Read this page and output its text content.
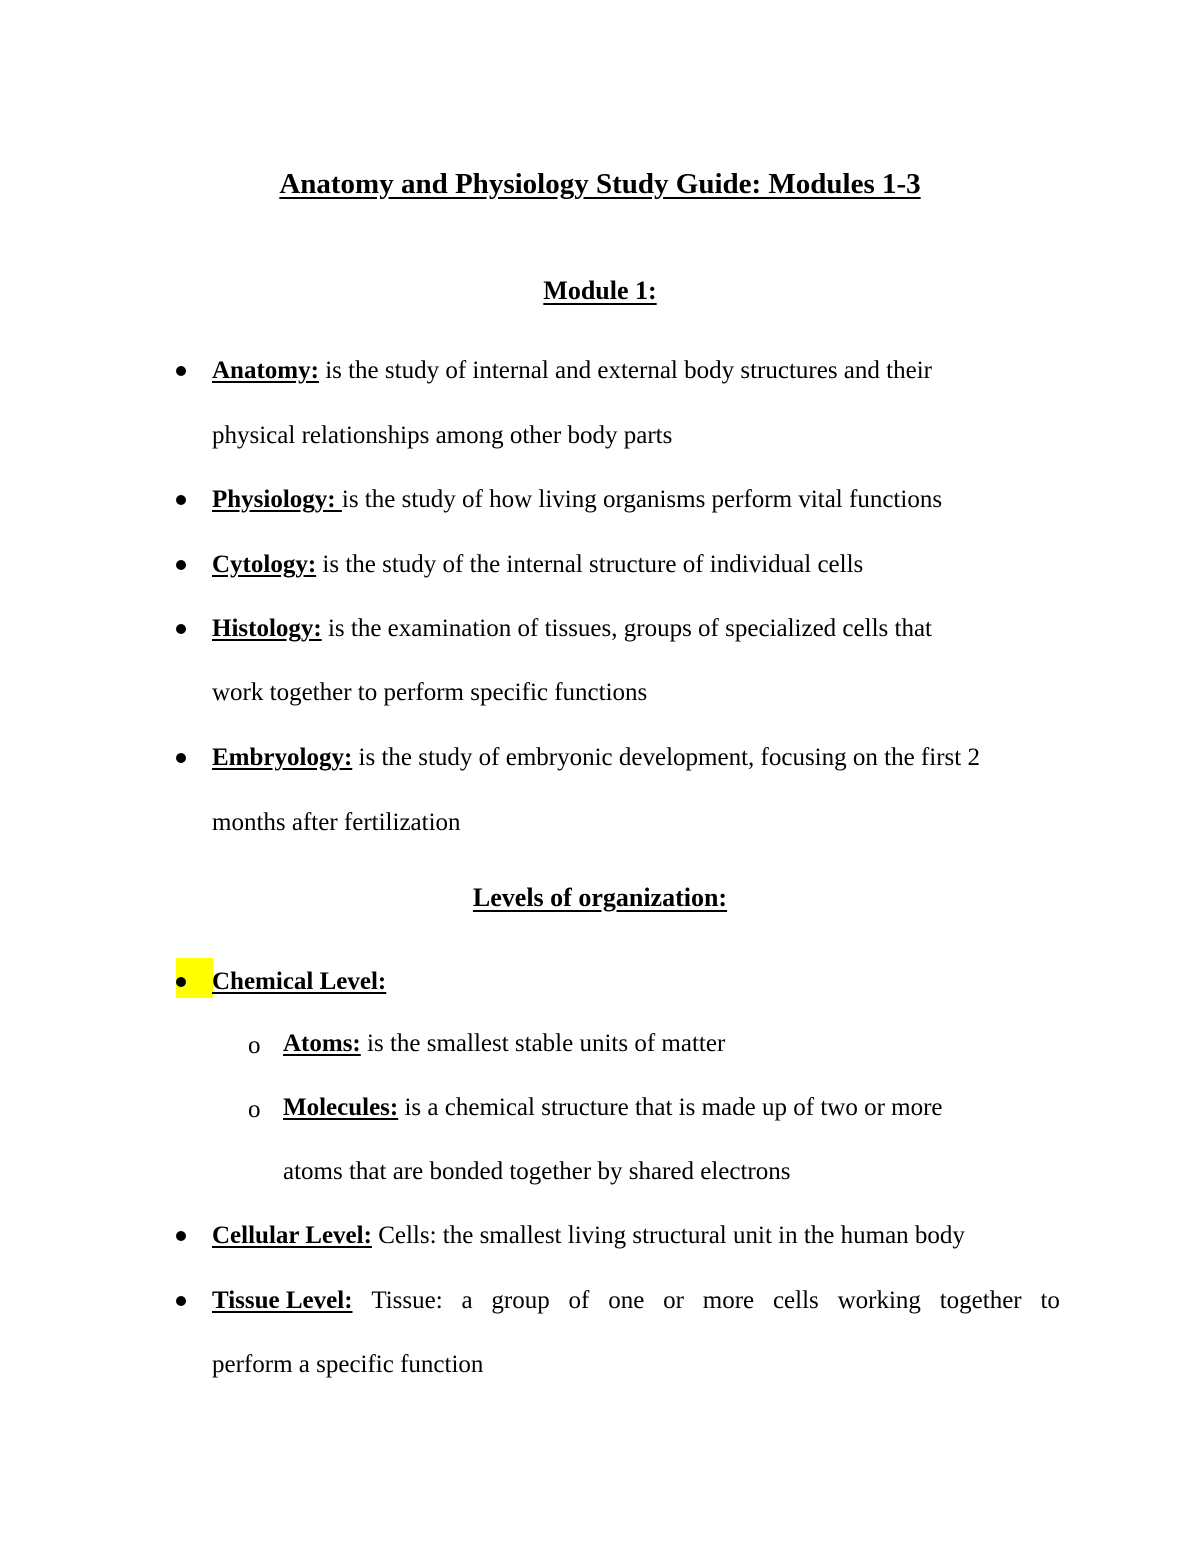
Anatomy and Physiology Study Guide: Modules 1-3
Module 1:
Anatomy: is the study of internal and external body structures and their
physical relationships among other body parts
Physiology: is the study of how living organisms perform vital functions
Cytology: is the study of the internal structure of individual cells
Histology: is the examination of tissues, groups of specialized cells that
work together to perform specific functions
Embryology: is the study of embryonic development, focusing on the first 2
months after fertilization
Levels of organization:
Chemical Level:
o Atoms: is the smallest stable units of matter
o Molecules: is a chemical structure that is made up of two or more
atoms that are bonded together by shared electrons
Cellular Level: Cells: the smallest living structural unit in the human body
Tissue Level: Tissue: a group of one or more cells working together to
perform a specific function
